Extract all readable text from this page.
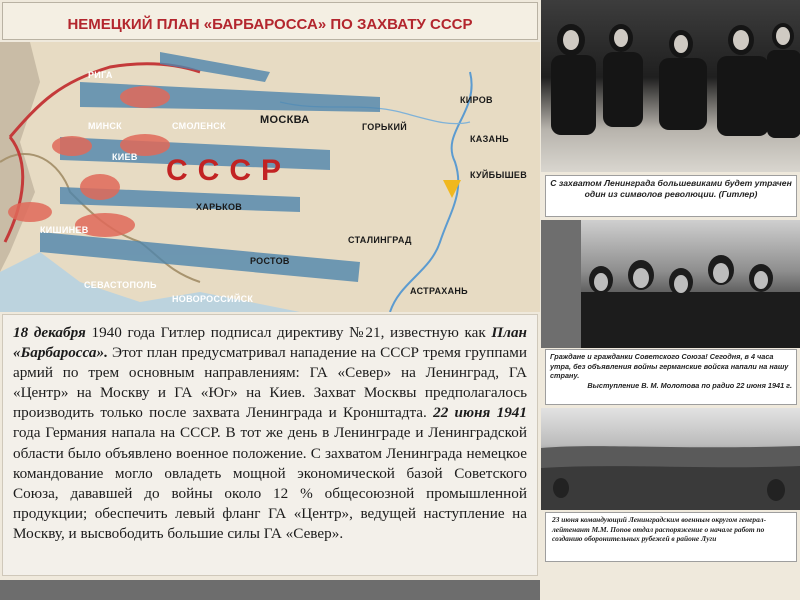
НЕМЕЦКИЙ ПЛАН «БАРБАРОССА» ПО ЗАХВАТУ СССР
РИГА
МИНСК	СМОЛЕНСК	МОСКВА
ГОРЬКИЙ
КИРОВ
КАЗАНЬ
КУЙБЫШЕВ
КИЕВ
ХАРЬКОВ
СТАЛИНГРАД
КИШИНЕВ
РОСТОВ
СЕВАСТОПОЛЬ
НОВОРОССИЙСК
АСТРАХАНЬ
СССР
18 декабря 1940 года Гитлер подписал директиву №21, известную как План «Барбаросса». Этот план предусматривал нападение на СССР тремя группами армий по трем основным направлениям: ГА «Север» на Ленинград, ГА «Центр» на Москву и ГА «Юг» на Киев. Захват Москвы предполагалось производить только после захвата Ленинграда и Кронштадта. 22 июня 1941 года Германия напала на СССР. В тот же день в Ленинграде и Ленинградской области было объявлено военное положение. С захватом Ленинграда немецкое командование могло овладеть мощной экономической базой Советского Союза, дававшей до войны около 12 % общесоюзной промышленной продукции; обеспечить левый фланг ГА «Центр», ведущей наступление на Москву, и высвободить большие силы ГА «Север».
С захватом Ленинграда большевиками будет утрачен один из символов революции. (Гитлер)
Граждане и гражданки Советского Союза! Сегодня, в 4 часа утра, без объявления войны германские войска напали на нашу страну.
Выступление В. М. Молотова по радио 22 июня 1941 г.
23 июня командующий Ленинградским военным округом генерал-лейтенант М.М. Попов отдал распоряжение о начале работ по созданию оборонительных рубежей в районе Луги
